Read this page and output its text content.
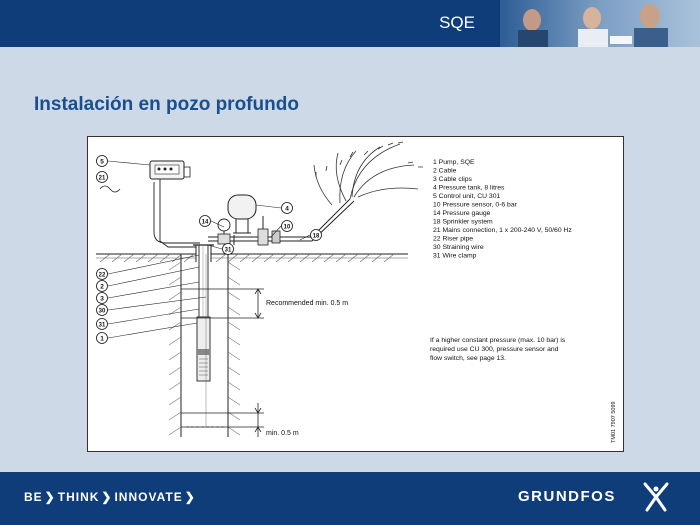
SQE
Instalación en pozo profundo
Recommended min. 0.5 m
min. 0.5 m
5
21
14
4
10
18
31
22
2
3
30
31
1
1 Pump, SQE
2 Cable
3 Cable clips
4 Pressure tank, 8 litres
5 Control unit, CU 301
10 Pressure sensor, 0-6 bar
14 Pressure gauge
18 Sprinkler system
21 Mains connection, 1 x 200-240 V, 50/60 Hz
22 Riser pipe
30 Straining wire
31 Wire clamp
If a higher constant pressure (max. 10 bar) is
required use CU 300, pressure sensor and
flow switch, see page 13.
TM01 7907 5099
BE ❯ THINK ❯ INNOVATE ❯	GRUNDFOS
